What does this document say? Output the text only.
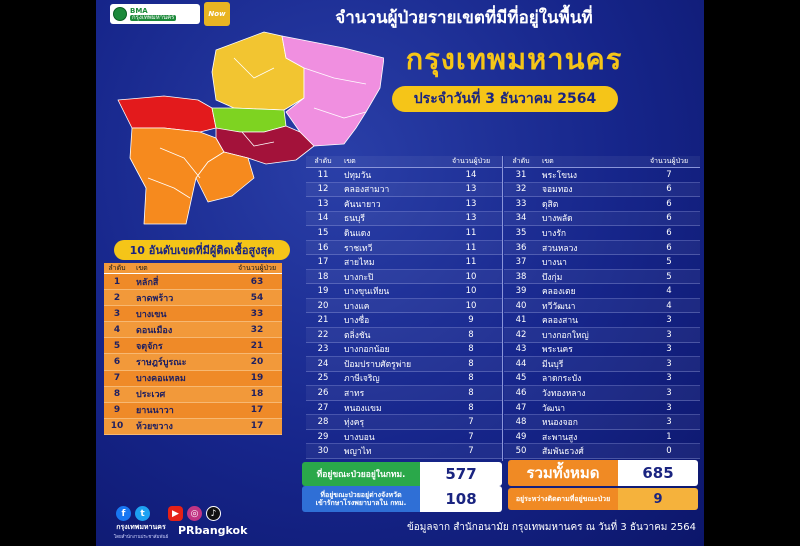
BMA
กรุงเทพมหานคร	Now	จำนวนผู้ป่วยรายเขตที่มีที่อยู่ในพื้นที่
กรุงเทพมหานคร
ประจำวันที่ 3 ธันวาคม 2564
10 อันดับเขตที่มีผู้ติดเชื้อสูงสุด
ลำดับ	เขต	จำนวนผู้ป่วย
1	หลักสี่	63
2	ลาดพร้าว	54
3	บางเขน	33
4	ดอนเมือง	32
5	จตุจักร	21
6	ราษฎร์บูรณะ	20
7	บางคอแหลม	19
8	ประเวศ	18
9	ยานนาวา	17
10	ห้วยขวาง	17
ลำดับ	เขต	จำนวนผู้ป่วย
11	ปทุมวัน	14
12	คลองสามวา	13
13	คันนายาว	13
14	ธนบุรี	13
15	ดินแดง	11
16	ราชเทวี	11
17	สายไหม	11
18	บางกะปิ	10
19	บางขุนเทียน	10
20	บางแค	10
21	บางซื่อ	9
22	ตลิ่งชัน	8
23	บางกอกน้อย	8
24	ป้อมปราบศัตรูพ่าย	8
25	ภาษีเจริญ	8
26	สาทร	8
27	หนองแขม	8
28	ทุ่งครุ	7
29	บางบอน	7
30	พญาไท	7
ลำดับ	เขต	จำนวนผู้ป่วย
31	พระโขนง	7
32	จอมทอง	6
33	ดุสิต	6
34	บางพลัด	6
35	บางรัก	6
36	สวนหลวง	6
37	บางนา	5
38	บึงกุ่ม	5
39	คลองเตย	4
40	ทวีวัฒนา	4
41	คลองสาน	3
42	บางกอกใหญ่	3
43	พระนคร	3
44	มีนบุรี	3
45	ลาดกระบัง	3
46	วังทองหลาง	3
47	วัฒนา	3
48	หนองจอก	3
49	สะพานสูง	1
50	สัมพันธวงศ์	0
ที่อยู่ขณะป่วยอยู่ในกทม.	577
ที่อยู่ขณะป่วยอยู่ต่างจังหวัด
เข้ารักษาโรงพยาบาลใน กทม.	108
รวมทั้งหมด	685
อยู่ระหว่างติดตามที่อยู่ขณะป่วย	9
f	t	▶	◎	♪
กรุงเทพมหานคร
โดยสำนักงานประชาสัมพันธ์
PRbangkok	ข้อมูลจาก สำนักอนามัย กรุงเทพมหานคร ณ วันที่ 3 ธันวาคม 2564
